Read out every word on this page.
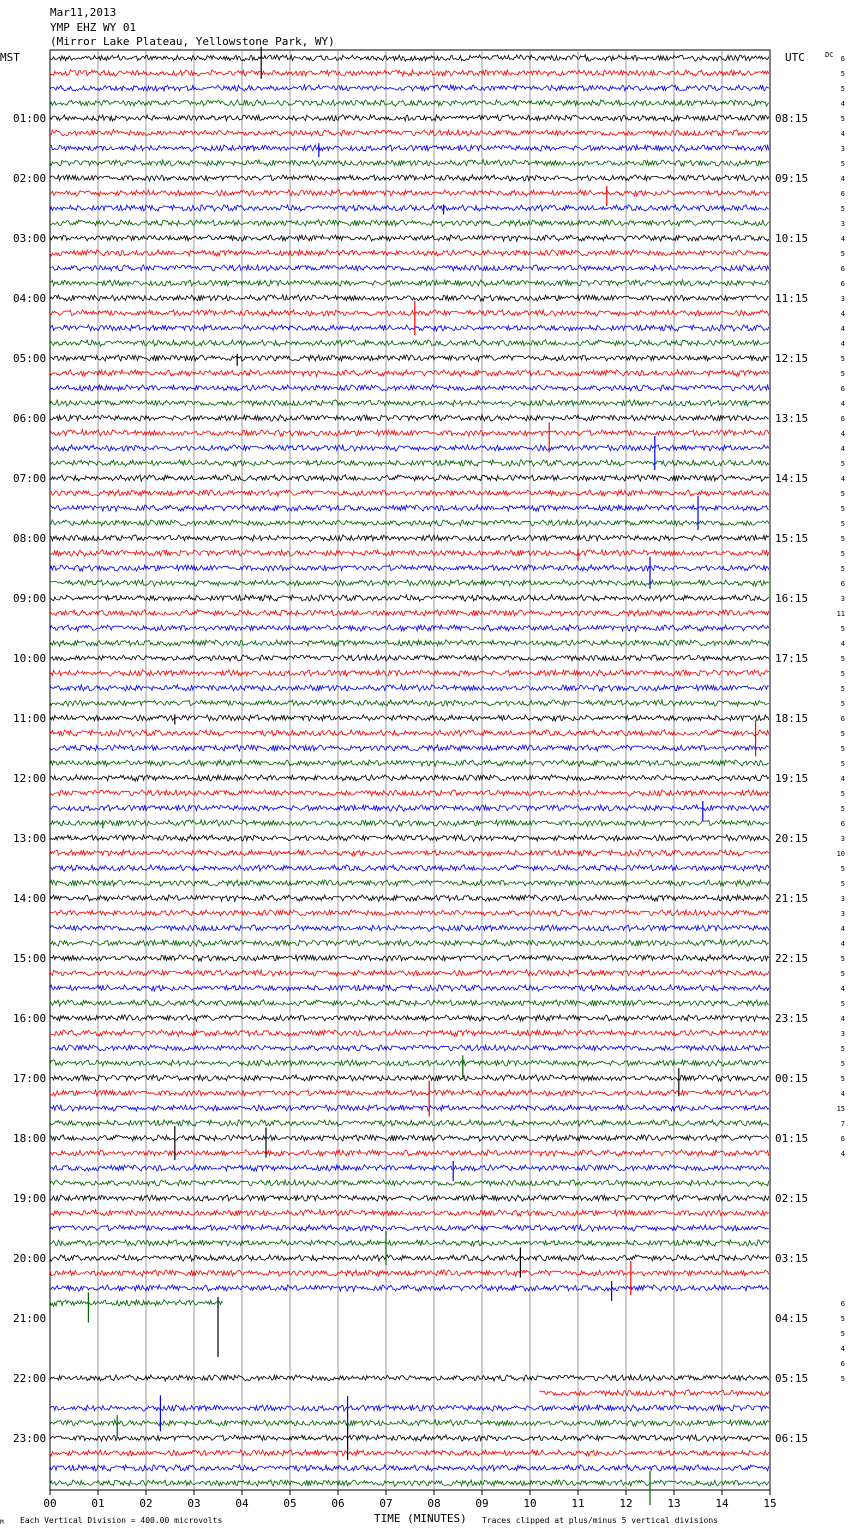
Mar11,2013
YMP EHZ WY 01
(Mirror Lake Plateau, Yellowstone Park, WY)
MST	UTC	DC
01:00
02:00
03:00
04:00
05:00
06:00
07:00
08:00
09:00
10:00
11:00
12:00
13:00
14:00
15:00
16:00
17:00
18:00
19:00
20:00
21:00
22:00
23:00
08:15
09:15
10:15
11:15
12:15
13:15
14:15
15:15
16:15
17:15
18:15
19:15
20:15
21:15
22:15
23:15
00:15
01:15
02:15
03:15
04:15
05:15
06:15
6
5
5
4
5
4
3
5
4
6
5
3
4
5
6
6
3
4
4
4
5
5
6
4
6
4
4
5
4
5
5
5
5
5
5
6
3
11
5
4
5
5
5
5
6
5
5
5
4
5
5
6
3
10
5
5
3
3
4
4
5
5
4
5
4
3
5
5
5
4
15
7
6
4
6
5
5
4
6
5
00	01	02	03	04	05	06	07	08	09	10	11	12	13	14	15
M Each Vertical Division = 400.00 microvolts	TIME (MINUTES) Traces clipped at plus/minus 5 vertical divisions
